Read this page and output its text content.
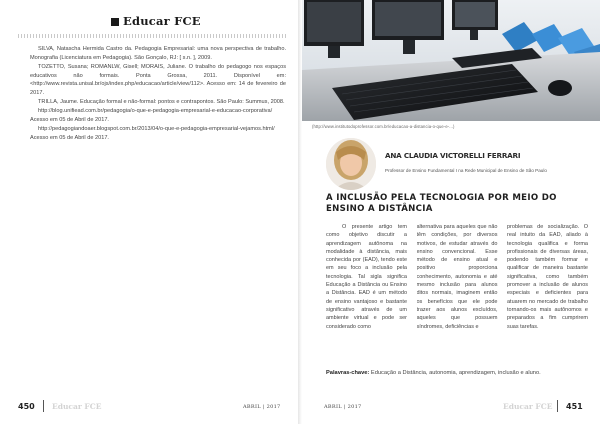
Educar FCE

SILVA, Natascha Hermida Castro da. Pedagogia Empresarial: uma nova perspectiva de trabalho. Monografia (Licenciatura em Pedagogia). São Gonçalo, RJ: [ s.n. ], 2009.

TOZETTO, Susana; ROMANLW, Gisell; MORAIS, Juliane. O trabalho do pedagogo nos espaços educativos não formais. Ponta Grossa, 2011. Disponível em: <http://www.revista.unisal.br/ojs/index.php/educacao/article/view/112>. Acesso em: 14 de fevereiro de 2017.

TRILLA, Jaume. Educação formal e não-formal: pontos e contrapontos. São Paulo: Summus, 2008.

http://blog.unifiead.com.br/pedagogia/o-que-e-pedagogia-empresarial-e-educacao-corporativa/ Acesso em 05 de Abril de 2017.

http://pedagogiandoaer.blogspot.com.br/2013/04/o-que-e-pedagogia-empresarial-vejamos.html/ Acesso em 05 de Abril de 2017.

450 Educar FCE	ABRIL | 2017
(http://www.institutodoprofessor.com.br/educacao-a-distancia-o-que-e-...)
ANA CLAUDIA VICTORELLI FERRARI
Professor de Ensino Fundamental I na Rede Municipal de Ensino de São Paulo
A INCLUSÃO PELA TECNOLOGIA POR MEIO DO ENSINO A DISTÂNCIA

O presente artigo tem como objetivo discutir a aprendizagem autônoma na modalidade à distância, mais conhecida por (EAD), tendo este em seu foco a inclusão pela tecnologia. Tal sigla significa Educação a Distância ou Ensino a Distância. EAD é um método de ensino vantajoso e bastante significativo através de um ambiente virtual e pode ser considerado como

alternativa para aqueles que não têm condições, por diversos motivos, de estudar através do ensino convencional. Esse método de ensino atual e positivo proporciona conhecimento, autonomia e até mesmo inclusão para alunos ditos normais, imaginem então os benefícios que ele pode trazer aos alunos excluídos, aqueles que possuem síndromes, deficiências e

problemas de socialização. O real intuito da EAD, aliado à tecnologia qualifica e forma profissionais de diversas áreas, podendo também formar e qualificar de maneira bastante significativa, como também promover a inclusão de alunos especiais e deficientes para atuarem no mercado de trabalho tornando-os mais autônomos e preparados a fim cumprirem suas tarefas.

Palavras-chave: Educação a Distância, autonomia, aprendizagem, inclusão e aluno.
ABRIL | 2017	Educar FCE 451
